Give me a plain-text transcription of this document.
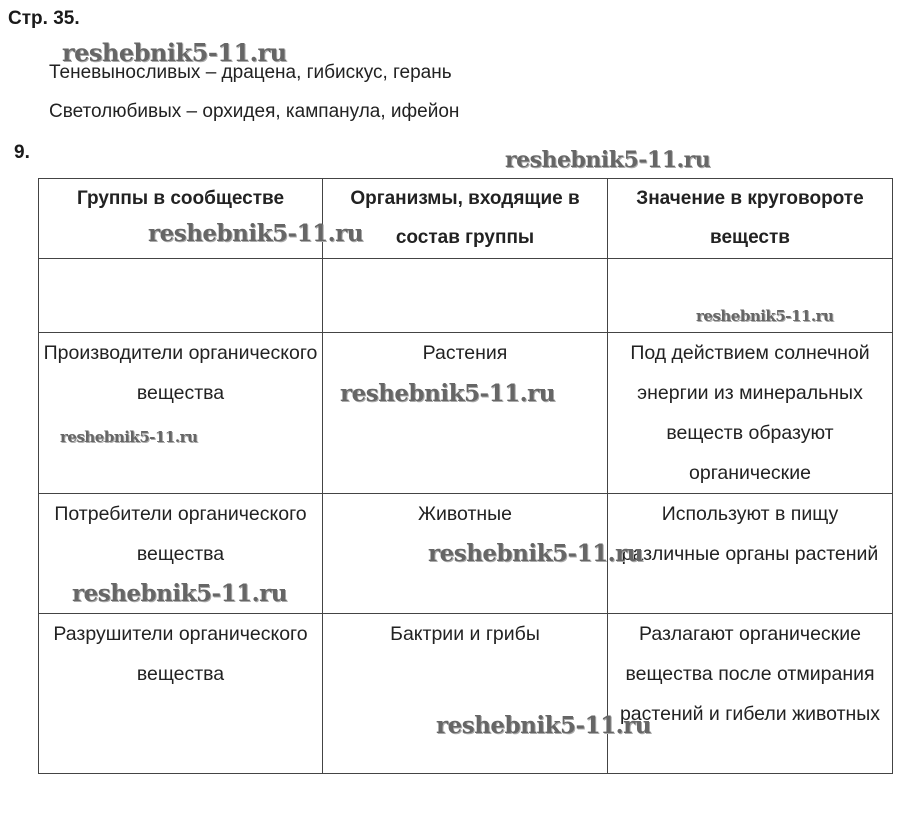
Стр. 35.
Теневыносливых – драцена, гибискус, герань
Светолюбивых – орхидея, кампанула, ифейон
9.
Группы в сообществе	Организмы, входящие в состав группы	Значение в круговороте веществ

Производители органического вещества	Растения	Под действием солнечной энергии из минеральных веществ образуют органические
Потребители органического вещества	Животные	Используют в пищу различные органы растений
Разрушители органического вещества	Бактрии и грибы	Разлагают органические вещества после отмирания растений и гибели животных
reshebnik5-11.ru
reshebnik5-11.ru
reshebnik5-11.ru
reshebnik5-11.ru
reshebnik5-11.ru
reshebnik5-11.ru
reshebnik5-11.ru
reshebnik5-11.ru
reshebnik5-11.ru
